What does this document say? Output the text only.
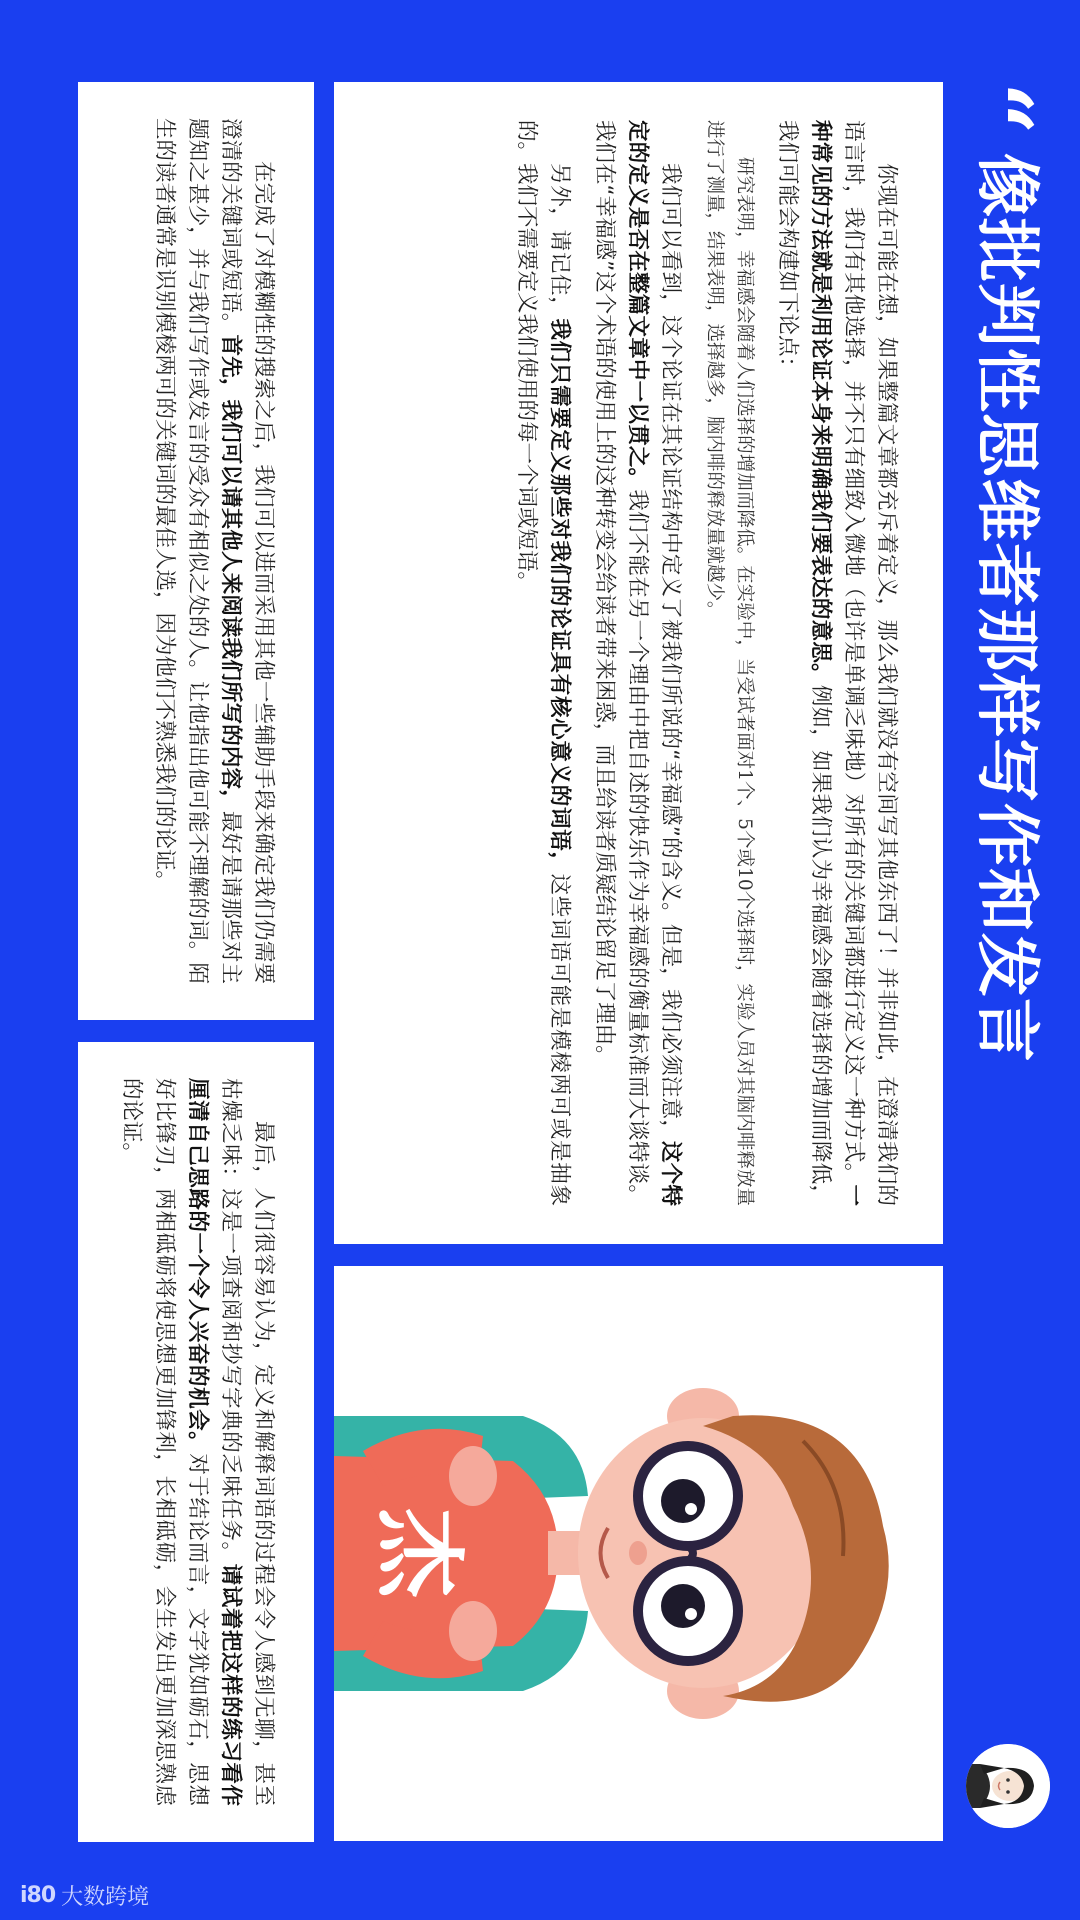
“
像批判性思维者那样写作和发言

你现在可能在想，如果整篇文章都充斥着定义，那么我们就没有空间写其他东西了！并非如此，在澄清我们的语言时，我们有其他选择，并不只有细致入微地（也许是单调乏味地）对所有的关键词都进行定义这一种方式。一种常见的方法就是利用论证本身来明确我们要表达的意思。例如，如果我们认为幸福感会随着选择的增加而降低，我们可能会构建如下论点：

研究表明，幸福感会随着人们选择的增加而降低。在实验中，当受试者面对1个、5个或10个选择时，实验人员对其脑内啡释放量进行了测量，结果表明，选择越多，脑内啡的释放量就越少。

我们可以看到，这个论证在其论证结构中定义了被我们所说的“幸福感”的含义。但是，我们必须注意，这个特定的定义是否在整篇文章中一以贯之。我们不能在另一个理由中把自述的快乐作为幸福感的衡量标准而大谈特谈。我们在“幸福感”这个术语的使用上的这种转变会给读者带来困惑，而且给读者质疑结论留足了理由。

另外，请记住，我们只需要定义那些对我们的论证具有核心意义的词语，这些词语可能是模棱两可或是抽象的。我们不需要定义我们使用的每一个词或短语。

杰

在完成了对模糊性的搜索之后，我们可以进而采用其他一些辅助手段来确定我们仍需要澄清的关键词或短语。首先，我们可以请其他人来阅读我们所写的内容，最好是请那些对主题知之甚少，并与我们写作或发言的受众有相似之处的人。让他指出他可能不理解的词。陌生的读者通常是识别模棱两可的关键词的最佳人选，因为他们不熟悉我们的论证。

最后，人们很容易认为，定义和解释词语的过程会令人感到无聊，甚至枯燥乏味：这是一项查阅和抄写字典的乏味任务。请试着把这样的练习看作厘清自己思路的一个令人兴奋的机会。对于结论而言，文字犹如砺石，思想好比锋刃，两相砥砺将使思想更加锋利，长相砥砺，会生发出更加深思熟虑的论证。

i80 大数跨境
